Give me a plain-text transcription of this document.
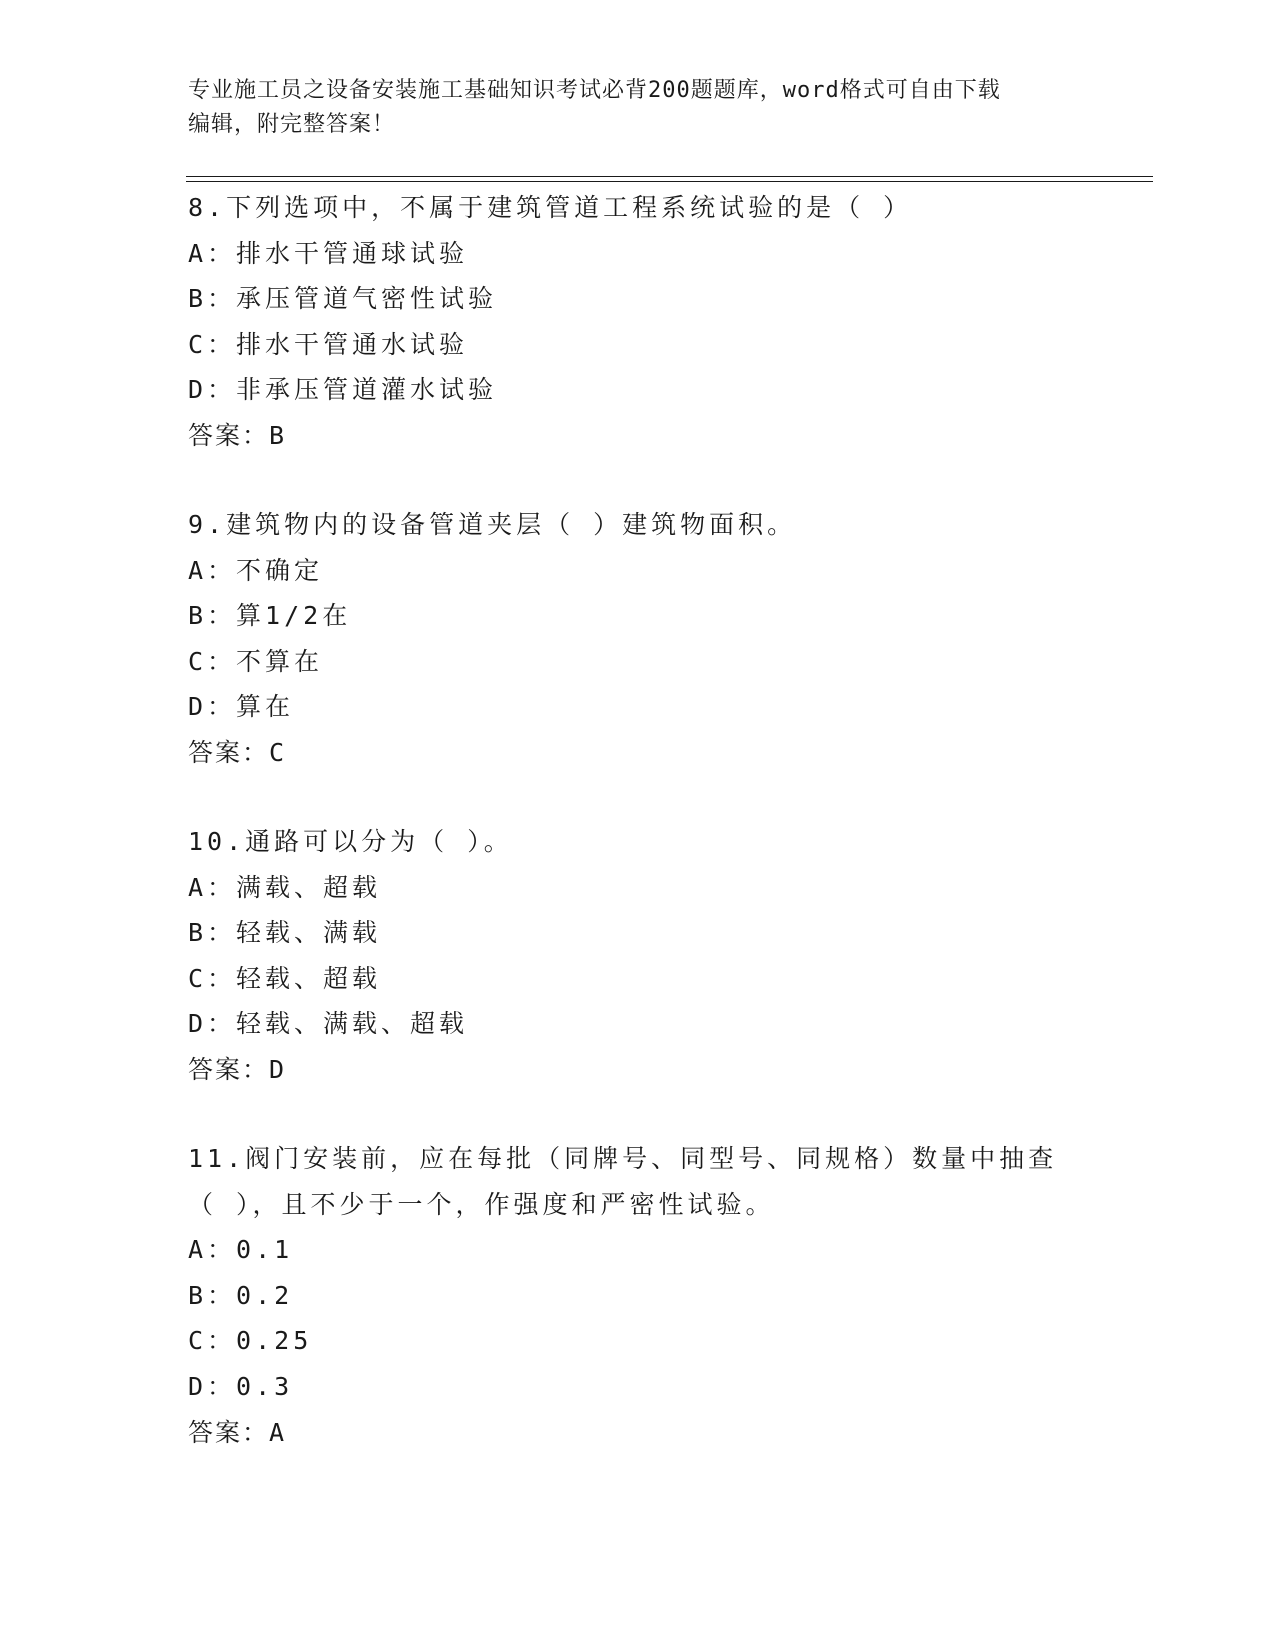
专业施工员之设备安装施工基础知识考试必背200题题库，word格式可自由下载
编辑，附完整答案！
8.下列选项中，不属于建筑管道工程系统试验的是（ ）
A：排水干管通球试验
B：承压管道气密性试验
C：排水干管通水试验
D：非承压管道灌水试验
答案：B
9.建筑物内的设备管道夹层（ ）建筑物面积。
A：不确定
B：算1/2在
C：不算在
D：算在
答案：C
10.通路可以分为（ ）。
A：满载、超载
B：轻载、满载
C：轻载、超载
D：轻载、满载、超载
答案：D
11.阀门安装前，应在每批（同牌号、同型号、同规格）数量中抽查（ ），且不少于一个，作强度和严密性试验。
A：0.1
B：0.2
C：0.25
D：0.3
答案：A
